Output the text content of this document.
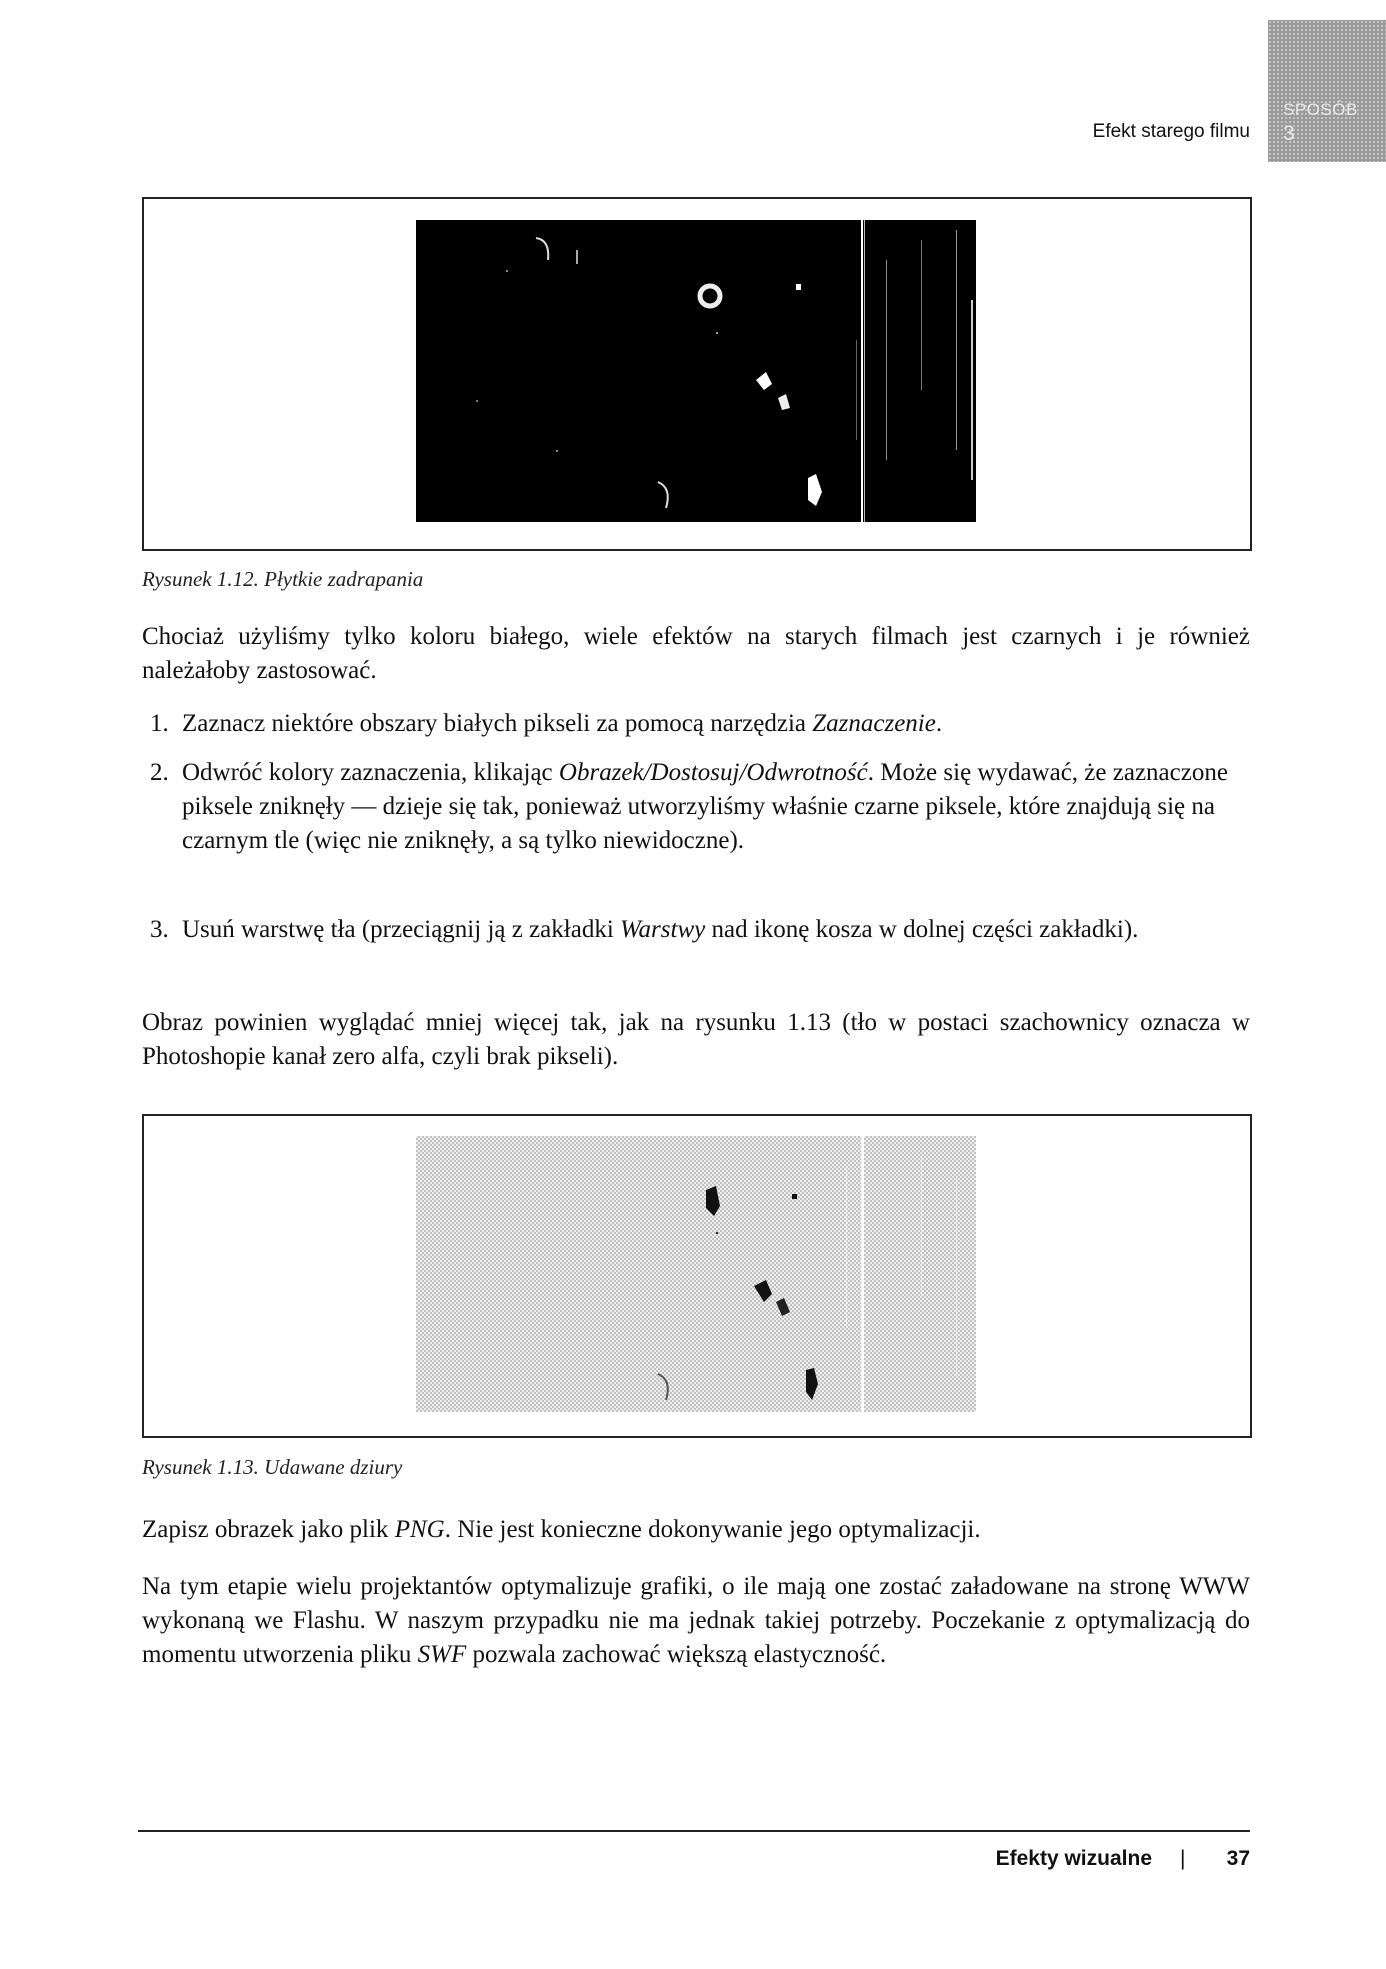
Efekt starego filmu
SPOSÓB
3
Rysunek 1.12. Płytkie zadrapania

Chociaż użyliśmy tylko koloru białego, wiele efektów na starych filmach jest czarnych i je również należałoby zastosować.

1. Zaznacz niektóre obszary białych pikseli za pomocą narzędzia Zaznaczenie.
2. Odwróć kolory zaznaczenia, klikając Obrazek/Dostosuj/Odwrotność. Może się wydawać, że zaznaczone piksele zniknęły — dzieje się tak, ponieważ utworzyliśmy właśnie czarne piksele, które znajdują się na czarnym tle (więc nie zniknęły, a są tylko niewidoczne).
3. Usuń warstwę tła (przeciągnij ją z zakładki Warstwy nad ikonę kosza w dolnej części zakładki).

Obraz powinien wyglądać mniej więcej tak, jak na rysunku 1.13 (tło w postaci szachownicy oznacza w Photoshopie kanał zero alfa, czyli brak pikseli).

Rysunek 1.13. Udawane dziury

Zapisz obrazek jako plik PNG. Nie jest konieczne dokonywanie jego optymalizacji.

Na tym etapie wielu projektantów optymalizuje grafiki, o ile mają one zostać załadowane na stronę WWW wykonaną we Flashu. W naszym przypadku nie ma jednak takiej potrzeby. Poczekanie z optymalizacją do momentu utworzenia pliku SWF pozwala zachować większą elastyczność.

Efekty wizualne |	37
